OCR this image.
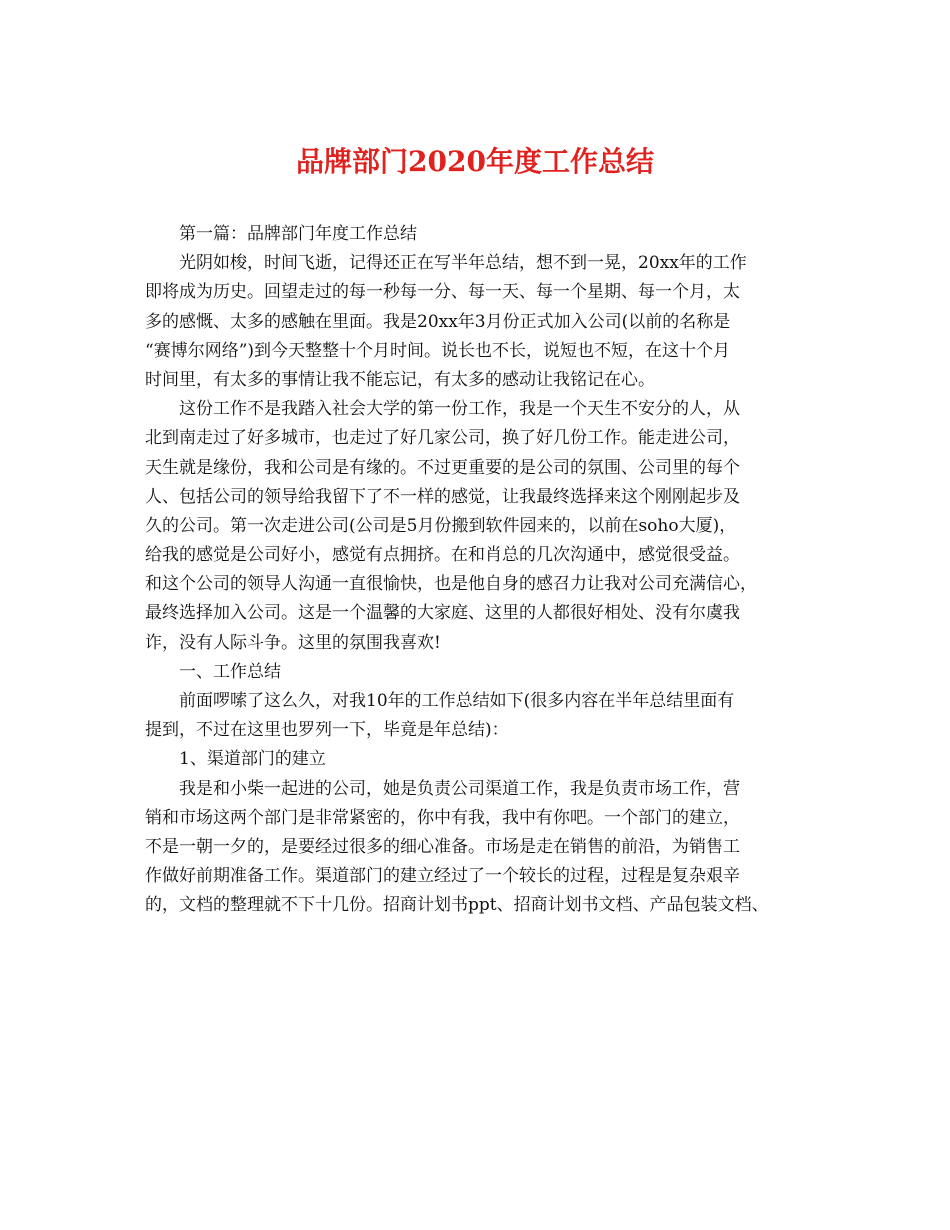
品牌部门2020年度工作总结

第一篇：品牌部门年度工作总结

光阴如梭，时间飞逝，记得还正在写半年总结，想不到一晃，20xx年的工作

即将成为历史。回望走过的每一秒每一分、每一天、每一个星期、每一个月，太

多的感慨、太多的感触在里面。我是20xx年3月份正式加入公司(以前的名称是

“赛博尔网络”)到今天整整十个月时间。说长也不长，说短也不短，在这十个月

时间里，有太多的事情让我不能忘记，有太多的感动让我铭记在心。

这份工作不是我踏入社会大学的第一份工作，我是一个天生不安分的人，从

北到南走过了好多城市，也走过了好几家公司，换了好几份工作。能走进公司，

天生就是缘份，我和公司是有缘的。不过更重要的是公司的氛围、公司里的每个

人、包括公司的领导给我留下了不一样的感觉，让我最终选择来这个刚刚起步及

久的公司。第一次走进公司(公司是5月份搬到软件园来的，以前在soho大厦)，

给我的感觉是公司好小，感觉有点拥挤。在和肖总的几次沟通中，感觉很受益。

和这个公司的领导人沟通一直很愉快，也是他自身的感召力让我对公司充满信心，

最终选择加入公司。这是一个温馨的大家庭、这里的人都很好相处、没有尔虞我

诈，没有人际斗争。这里的氛围我喜欢!

一、工作总结

前面啰嗦了这么久，对我10年的工作总结如下(很多内容在半年总结里面有

提到，不过在这里也罗列一下，毕竟是年总结)：

1、渠道部门的建立

我是和小柴一起进的公司，她是负责公司渠道工作，我是负责市场工作，营

销和市场这两个部门是非常紧密的，你中有我，我中有你吧。一个部门的建立，

不是一朝一夕的，是要经过很多的细心准备。市场是走在销售的前沿，为销售工

作做好前期准备工作。渠道部门的建立经过了一个较长的过程，过程是复杂艰辛

的，文档的整理就不下十几份。招商计划书ppt、招商计划书文档、产品包装文档、
